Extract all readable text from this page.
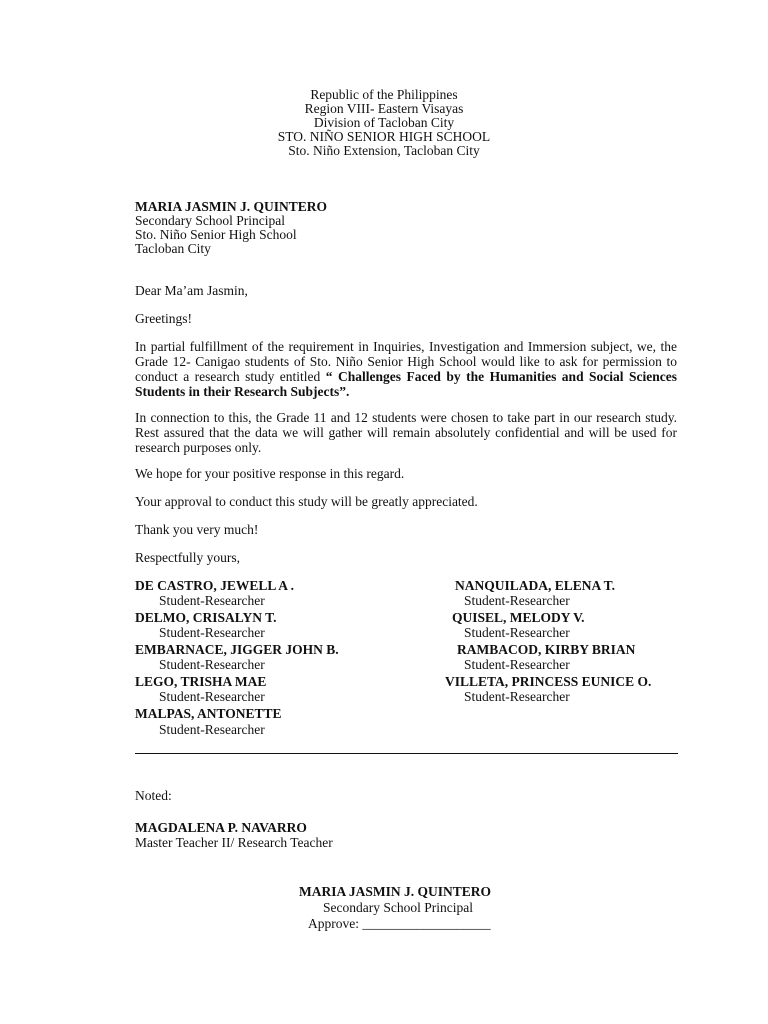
Republic of the Philippines
Region VIII- Eastern Visayas
Division of Tacloban City
STO. NIÑO SENIOR HIGH SCHOOL
Sto. Niño Extension, Tacloban City
MARIA JASMIN J. QUINTERO
Secondary School Principal
Sto. Niño Senior High School
Tacloban City
Dear Ma’am Jasmin,
Greetings!
In partial fulfillment of the requirement in Inquiries, Investigation and Immersion subject, we, the Grade 12- Canigao students of Sto. Niño Senior High School would like to ask for permission to conduct a research study entitled “ Challenges Faced by the Humanities and Social Sciences Students in their Research Subjects”.
In connection to this, the Grade 11 and 12 students were chosen to take part in our research study. Rest assured that the data we will gather will remain absolutely confidential and will be used for research purposes only.
We hope for your positive response in this regard.
Your approval to conduct this study will be greatly appreciated.
Thank you very much!
Respectfully yours,
DE CASTRO, JEWELL A .
Student-Researcher
DELMO, CRISALYN T.
Student-Researcher
EMBARNACE, JIGGER JOHN B.
Student-Researcher
LEGO, TRISHA MAE
Student-Researcher
MALPAS, ANTONETTE
Student-Researcher
NANQUILADA, ELENA T.
Student-Researcher
QUISEL, MELODY V.
Student-Researcher
RAMBACOD, KIRBY BRIAN
Student-Researcher
VILLETA, PRINCESS EUNICE O.
Student-Researcher
Noted:
MAGDALENA P. NAVARRO
Master Teacher II/ Research Teacher
MARIA JASMIN J. QUINTERO
Secondary School Principal
Approve: ___________________
